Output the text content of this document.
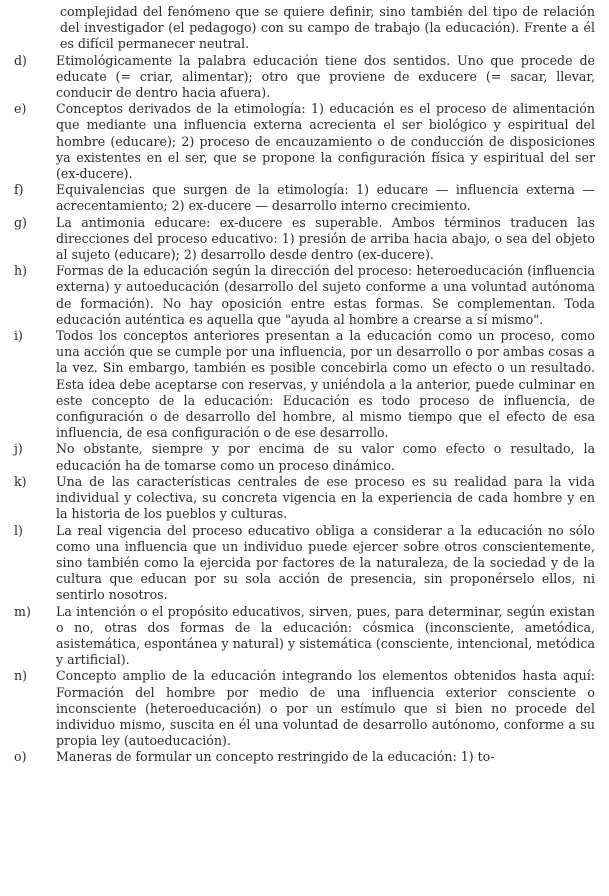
complejidad del fenómeno que se quiere definir, sino también del tipo de relación del investigador (el pedagogo) con su campo de trabajo (la educación). Frente a él es difícil permanecer neutral.

d)	Etimológicamente la palabra educación tiene dos sentidos. Uno que procede de educate (= criar, alimentar); otro que proviene de exducere (= sacar, llevar, conducir de dentro hacia afuera).
e)	Conceptos derivados de la etimología: 1) educación es el proceso de alimentación que mediante una influencia externa acrecienta el ser biológico y espiritual del hombre (educare); 2) proceso de encauzamiento o de conducción de disposiciones ya existentes en el ser, que se propone la configuración física y espiritual del ser (ex-ducere).
f)	Equivalencias que surgen de la etimología: 1) educare — influencia externa — acrecentamiento; 2) ex-ducere — desarrollo interno crecimiento.
g)	La antimonia educare: ex-ducere es superable. Ambos términos traducen las direcciones del proceso educativo: 1) presión de arriba hacia abajo, o sea del objeto al sujeto (educare); 2) desarrollo desde dentro (ex-ducere).
h)	Formas de la educación según la dirección del proceso: heteroeducación (influencia externa) y autoeducación (desarrollo del sujeto conforme a una voluntad autónoma de formación). No hay oposición entre estas formas. Se complementan. Toda educación auténtica es aquella que "ayuda al hombre a crearse a sí mismo".
i)	Todos los conceptos anteriores presentan a la educación como un proceso, como una acción que se cumple por una influencia, por un desarrollo o por ambas cosas a la vez. Sin embargo, también es posible concebirla como un efecto o un resultado. Esta idea debe aceptarse con reservas, y uniéndola a la anterior, puede culminar en este concepto de la educación: Educación es todo proceso de influencia, de configuración o de desarrollo del hombre, al mismo tiempo que el efecto de esa influencia, de esa configuración o de ese desarrollo.
j)	No obstante, siempre y por encima de su valor como efecto o resultado, la educación ha de tomarse como un proceso dinámico.
k)	Una de las características centrales de ese proceso es su realidad para la vida individual y colectiva, su concreta vigencia en la experiencia de cada hombre y en la historia de los pueblos y culturas.
l)	La real vigencia del proceso educativo obliga a considerar a la educación no sólo como una influencia que un individuo puede ejercer sobre otros conscientemente, sino también como la ejercida por factores de la naturaleza, de la sociedad y de la cultura que educan por su sola acción de presencia, sin proponérselo ellos, ni sentirlo nosotros.
m)	La intención o el propósito educativos, sirven, pues, para determinar, según existan o no, otras dos formas de la educación: cósmica (inconsciente, ametódica, asistemática, espontánea y natural) y sistemática (consciente, intencional, metódica y artificial).
n)	Concepto amplio de la educación integrando los elementos obtenidos hasta aquí: Formación del hombre por medio de una influencia exterior consciente o inconsciente (heteroeducación) o por un estímulo que si bien no procede del individuo mismo, suscita en él una voluntad de desarrollo autónomo, conforme a su propia ley (autoeducación).
o)	Maneras de formular un concepto restringido de la educación: 1) to-
